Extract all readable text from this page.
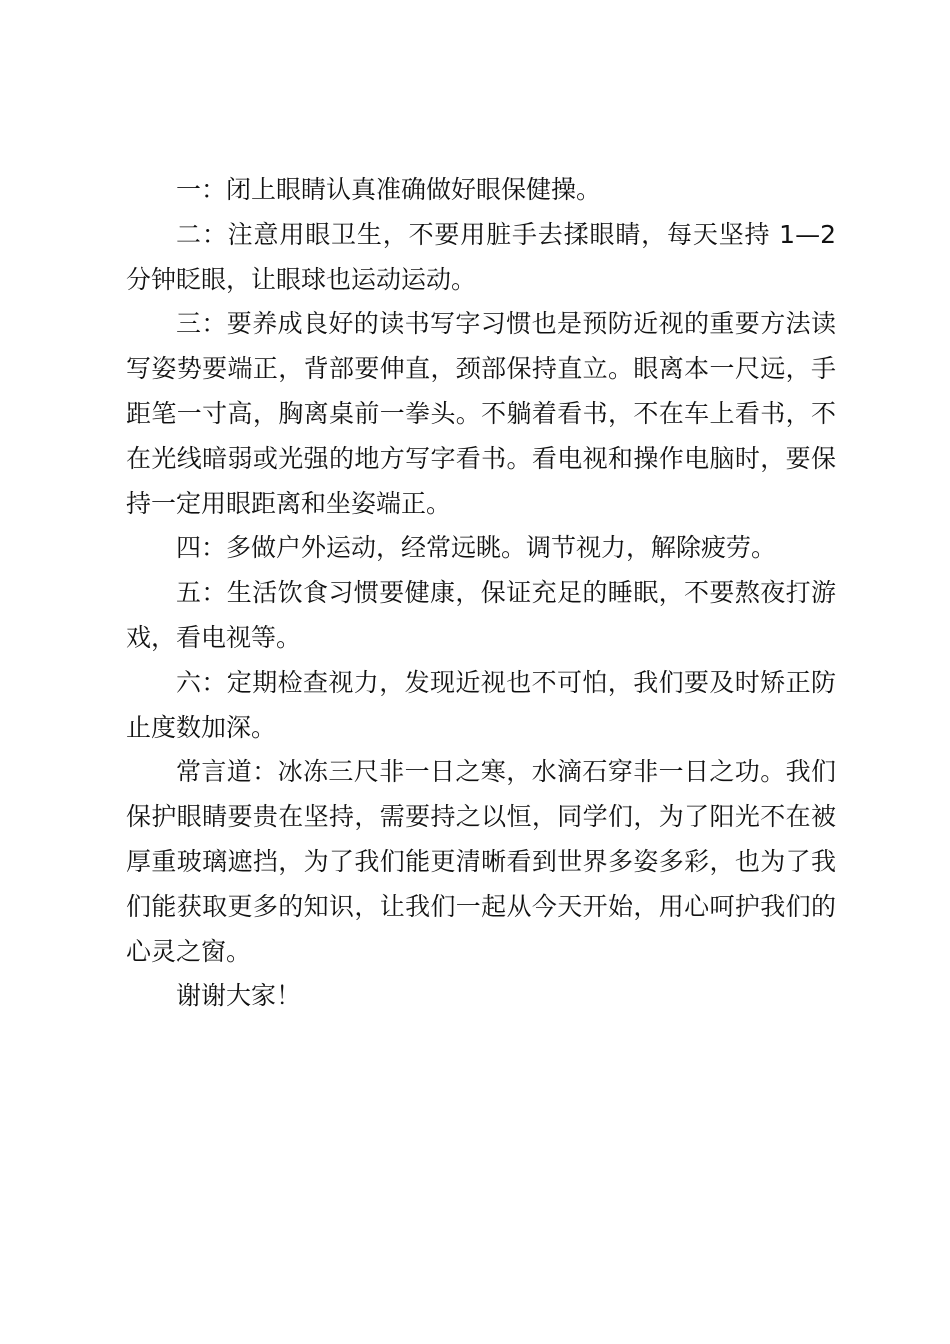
一：闭上眼睛认真准确做好眼保健操。

二：注意用眼卫生，不要用脏手去揉眼睛，每天坚持 1—2 分钟眨眼，让眼球也运动运动。

三：要养成良好的读书写字习惯也是预防近视的重要方法读写姿势要端正，背部要伸直，颈部保持直立。眼离本一尺远，手距笔一寸高，胸离桌前一拳头。不躺着看书，不在车上看书，不在光线暗弱或光强的地方写字看书。看电视和操作电脑时，要保持一定用眼距离和坐姿端正。

四：多做户外运动，经常远眺。调节视力，解除疲劳。

五：生活饮食习惯要健康，保证充足的睡眠，不要熬夜打游戏，看电视等。

六：定期检查视力，发现近视也不可怕，我们要及时矫正防止度数加深。

常言道：冰冻三尺非一日之寒，水滴石穿非一日之功。我们保护眼睛要贵在坚持，需要持之以恒，同学们，为了阳光不在被厚重玻璃遮挡，为了我们能更清晰看到世界多姿多彩，也为了我们能获取更多的知识，让我们一起从今天开始，用心呵护我们的心灵之窗。

谢谢大家！
